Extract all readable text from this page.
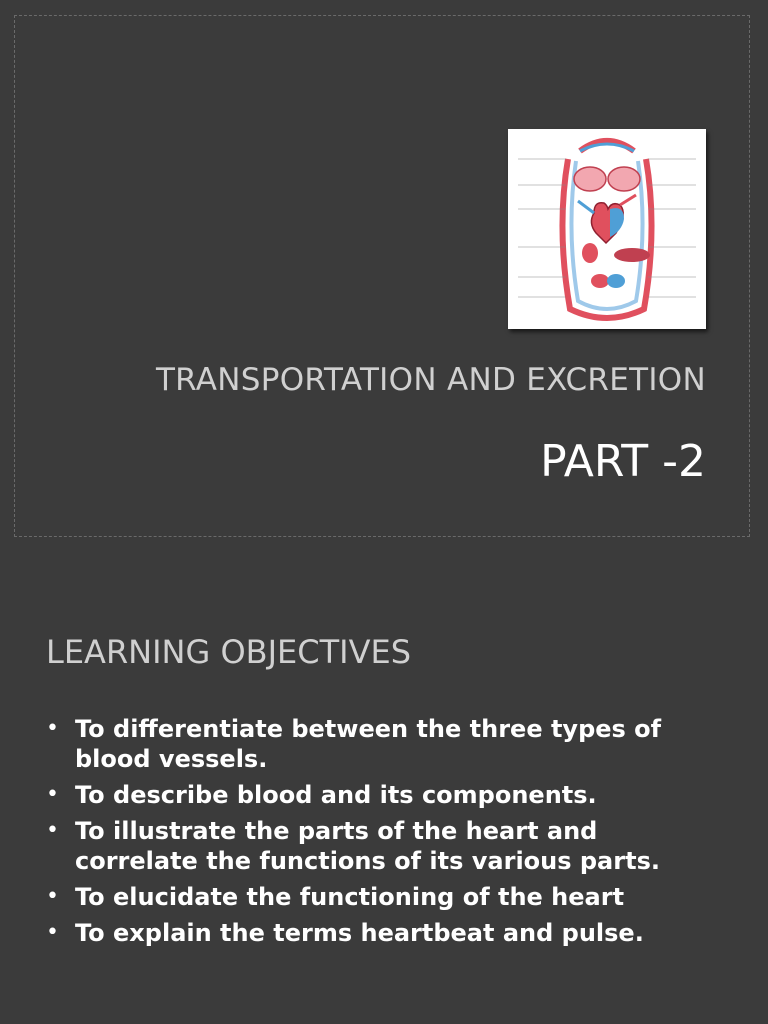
TRANSPORTATION AND EXCRETION
PART -2
LEARNING OBJECTIVES
• To differentiate between the three types of blood vessels.
• To describe blood and its components.
• To illustrate the parts of the heart and correlate the functions of its various parts.
• To elucidate the functioning of the heart
• To explain the terms heartbeat and pulse.
